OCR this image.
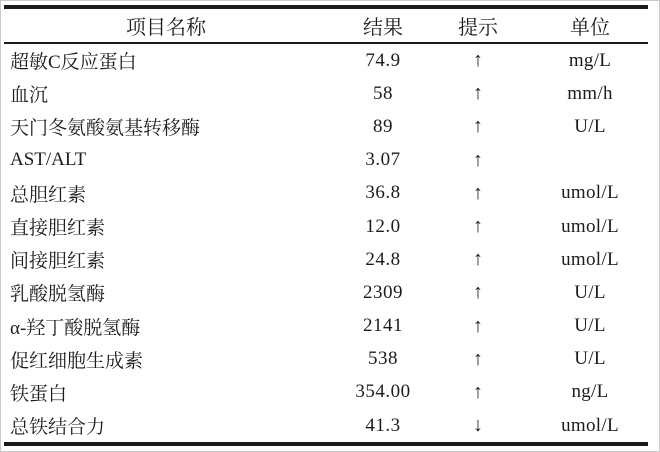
项目名称	结果	提示	单位
超敏C反应蛋白	74.9	↑	mg/L
血沉	58	↑	mm/h
天门冬氨酸氨基转移酶	89	↑	U/L
AST/ALT	3.07	↑
总胆红素	36.8	↑	umol/L
直接胆红素	12.0	↑	umol/L
间接胆红素	24.8	↑	umol/L
乳酸脱氢酶	2309	↑	U/L
α-羟丁酸脱氢酶	2141	↑	U/L
促红细胞生成素	538	↑	U/L
铁蛋白	354.00	↑	ng/L
总铁结合力	41.3	↓	umol/L
